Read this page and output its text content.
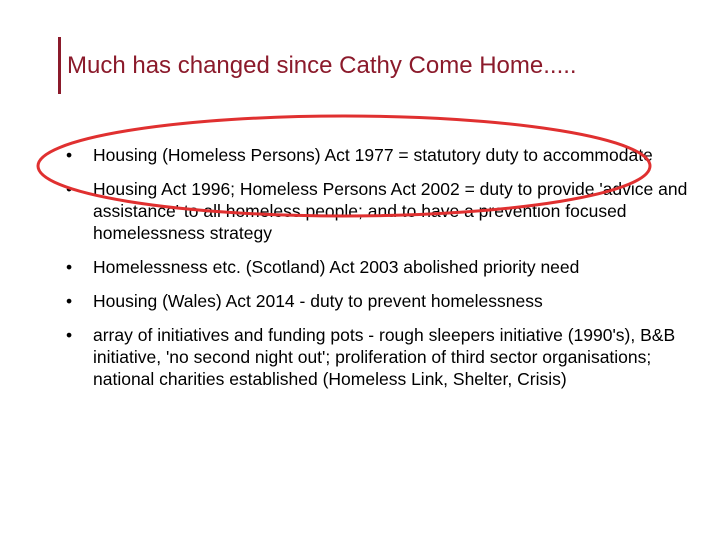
Much has changed since Cathy Come Home.....
• Housing (Homeless Persons) Act 1977 = statutory duty to accommodate
• Housing Act 1996; Homeless Persons Act 2002 = duty to provide 'advice and assistance' to all homeless people; and to have a prevention focused homelessness strategy
• Homelessness etc. (Scotland) Act 2003 abolished priority need
• Housing (Wales) Act 2014 - duty to prevent homelessness
• array of initiatives and funding pots - rough sleepers initiative (1990's), B&B initiative, 'no second night out'; proliferation of third sector organisations; national charities established (Homeless Link, Shelter, Crisis)
